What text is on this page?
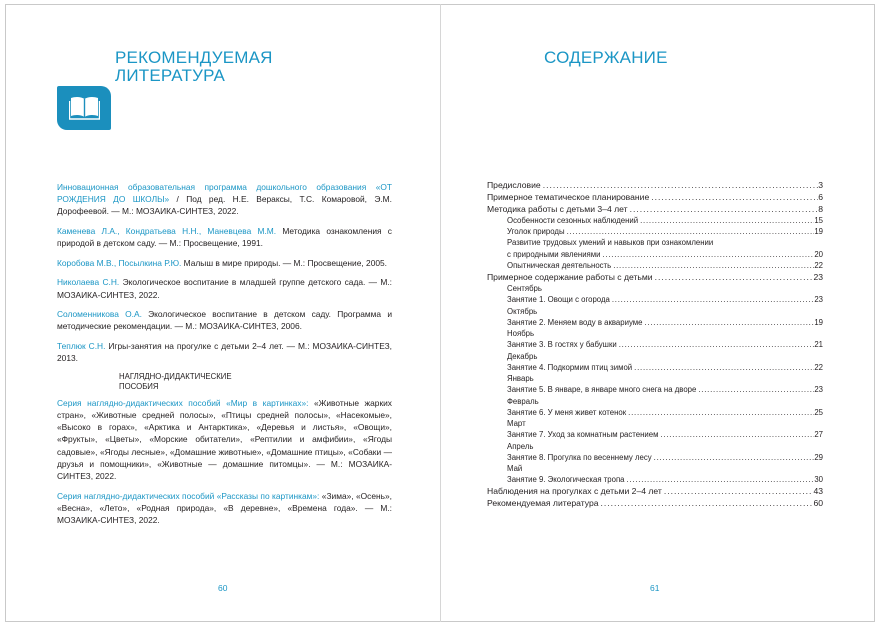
РЕКОМЕНДУЕМАЯ
ЛИТЕРАТУРА

Инновационная образовательная программа дошкольного образования «ОТ РОЖДЕНИЯ ДО ШКОЛЫ» / Под ред. Н.Е. Вераксы, Т.С. Комаровой, Э.М. Дорофеевой. — М.: МОЗАИКА-СИНТЕЗ, 2022.

Каменева Л.А., Кондратьева Н.Н., Маневцева М.М. Методика ознакомления с природой в детском саду. — М.: Просвещение, 1991.

Коробова М.В., Посылкина Р.Ю. Малыш в мире природы. — М.: Просвещение, 2005.

Николаева С.Н. Экологическое воспитание в младшей группе детского сада. — М.: МОЗАИКА-СИНТЕЗ, 2022.

Соломенникова О.А. Экологическое воспитание в детском саду. Программа и методические рекомендации. — М.: МОЗАИКА-СИНТЕЗ, 2006.

Теплюк С.Н. Игры-занятия на прогулке с детьми 2–4 лет. — М.: МОЗАИКА-СИНТЕЗ, 2013.

НАГЛЯДНО-ДИДАКТИЧЕСКИЕ
ПОСОБИЯ

Серия наглядно-дидактических пособий «Мир в картинках»: «Животные жарких стран», «Животные средней полосы», «Птицы средней полосы», «Насекомые», «Высоко в горах», «Арктика и Антарктика», «Деревья и листья», «Овощи», «Фрукты», «Цветы», «Морские обитатели», «Рептилии и амфибии», «Ягоды садовые», «Ягоды лесные», «Домашние животные», «Домашние птицы», «Собаки — друзья и помощники», «Животные — домашние питомцы». — М.: МОЗАИКА-СИНТЕЗ, 2022.

Серия наглядно-дидактических пособий «Рассказы по картинкам»: «Зима», «Осень», «Весна», «Лето», «Родная природа», «В деревне», «Времена года». — М.: МОЗАИКА-СИНТЕЗ, 2022.

60
СОДЕРЖАНИЕ
Предисловие . . .	3
Примерное тематическое планирование . . .	6
Методика работы с детьми 3–4 лет . . .	8
Особенности сезонных наблюдений . . .	15
Уголок природы . . .	19
Развитие трудовых умений и навыков при ознакомлении
с природными явлениями . . .	20
Опытническая деятельность . . .	22
Примерное содержание работы с детьми . . .	23
Сентябрь
Занятие 1. Овощи с огорода . . .	23
Октябрь
Занятие 2. Меняем воду в аквариуме . . .	19
Ноябрь
Занятие 3. В гостях у бабушки . . .	21
Декабрь
Занятие 4. Подкормим птиц зимой . . .	22
Январь
Занятие 5. В январе, в январе много снега на дворе . . .	23
Февраль
Занятие 6. У меня живет котенок . . .	25
Март
Занятие 7. Уход за комнатным растением . . .	27
Апрель
Занятие 8. Прогулка по весеннему лесу . . .	29
Май
Занятие 9. Экологическая тропа . . .	30
Наблюдения на прогулках с детьми 2–4 лет . . .	43
Рекомендуемая литература . . .	60
61
